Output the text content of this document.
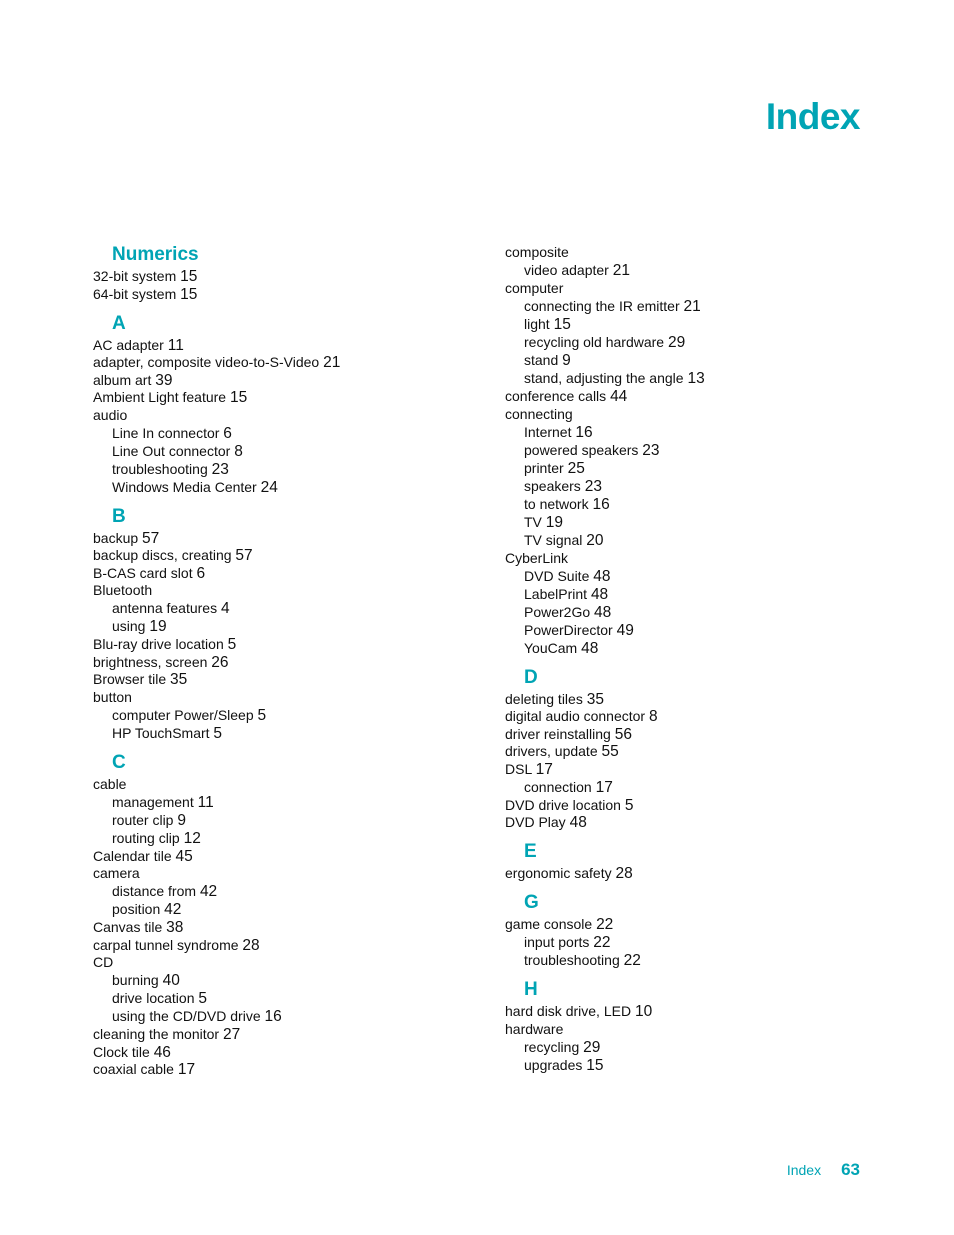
Index
Numerics
32-bit system 15
64-bit system 15
A
AC adapter 11
adapter, composite video-to-S-Video 21
album art 39
Ambient Light feature 15
audio
Line In connector 6
Line Out connector 8
troubleshooting 23
Windows Media Center 24
B
backup 57
backup discs, creating 57
B-CAS card slot 6
Bluetooth
antenna features 4
using 19
Blu-ray drive location 5
brightness, screen 26
Browser tile 35
button
computer Power/Sleep 5
HP TouchSmart 5
C
cable
management 11
router clip 9
routing clip 12
Calendar tile 45
camera
distance from 42
position 42
Canvas tile 38
carpal tunnel syndrome 28
CD
burning 40
drive location 5
using the CD/DVD drive 16
cleaning the monitor 27
Clock tile 46
coaxial cable 17
composite
video adapter 21
computer
connecting the IR emitter 21
light 15
recycling old hardware 29
stand 9
stand, adjusting the angle 13
conference calls 44
connecting
Internet 16
powered speakers 23
printer 25
speakers 23
to network 16
TV 19
TV signal 20
CyberLink
DVD Suite 48
LabelPrint 48
Power2Go 48
PowerDirector 49
YouCam 48
D
deleting tiles 35
digital audio connector 8
driver reinstalling 56
drivers, update 55
DSL 17
connection 17
DVD drive location 5
DVD Play 48
E
ergonomic safety 28
G
game console 22
input ports 22
troubleshooting 22
H
hard disk drive, LED 10
hardware
recycling 29
upgrades 15
Index 63
